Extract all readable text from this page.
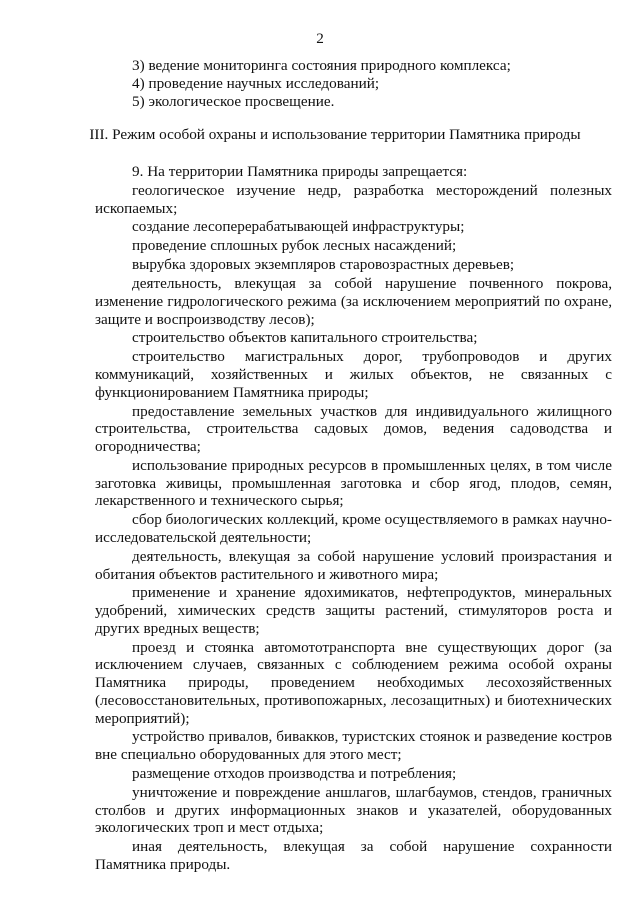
2
3) ведение мониторинга состояния природного комплекса;
4) проведение научных исследований;
5) экологическое просвещение.
III. Режим особой охраны и использование территории Памятника природы

9. На территории Памятника природы запрещается:

геологическое изучение недр, разработка месторождений полезных ископаемых;

создание лесоперерабатывающей инфраструктуры;

проведение сплошных рубок лесных насаждений;

вырубка здоровых экземпляров старовозрастных деревьев;

деятельность, влекущая за собой нарушение почвенного покрова, изменение гидрологического режима (за исключением мероприятий по охране, защите и воспроизводству лесов);

строительство объектов капитального строительства;

строительство магистральных дорог, трубопроводов и других коммуникаций, хозяйственных и жилых объектов, не связанных с функционированием Памятника природы;

предоставление земельных участков для индивидуального жилищного строительства, строительства садовых домов, ведения садоводства и огородничества;

использование природных ресурсов в промышленных целях, в том числе заготовка живицы, промышленная заготовка и сбор ягод, плодов, семян, лекарственного и технического сырья;

сбор биологических коллекций, кроме осуществляемого в рамках научно-исследовательской деятельности;

деятельность, влекущая за собой нарушение условий произрастания и обитания объектов растительного и животного мира;

применение и хранение ядохимикатов, нефтепродуктов, минеральных удобрений, химических средств защиты растений, стимуляторов роста и других вредных веществ;

проезд и стоянка автомототранспорта вне существующих дорог (за исключением случаев, связанных с соблюдением режима особой охраны Памятника природы, проведением необходимых лесохозяйственных (лесовосстановительных, противопожарных, лесозащитных) и биотехнических мероприятий);

устройство привалов, бивакков, туристских стоянок и разведение костров вне специально оборудованных для этого мест;

размещение отходов производства и потребления;

уничтожение и повреждение аншлагов, шлагбаумов, стендов, граничных столбов и других информационных знаков и указателей, оборудованных экологических троп и мест отдыха;

иная деятельность, влекущая за собой нарушение сохранности Памятника природы.
